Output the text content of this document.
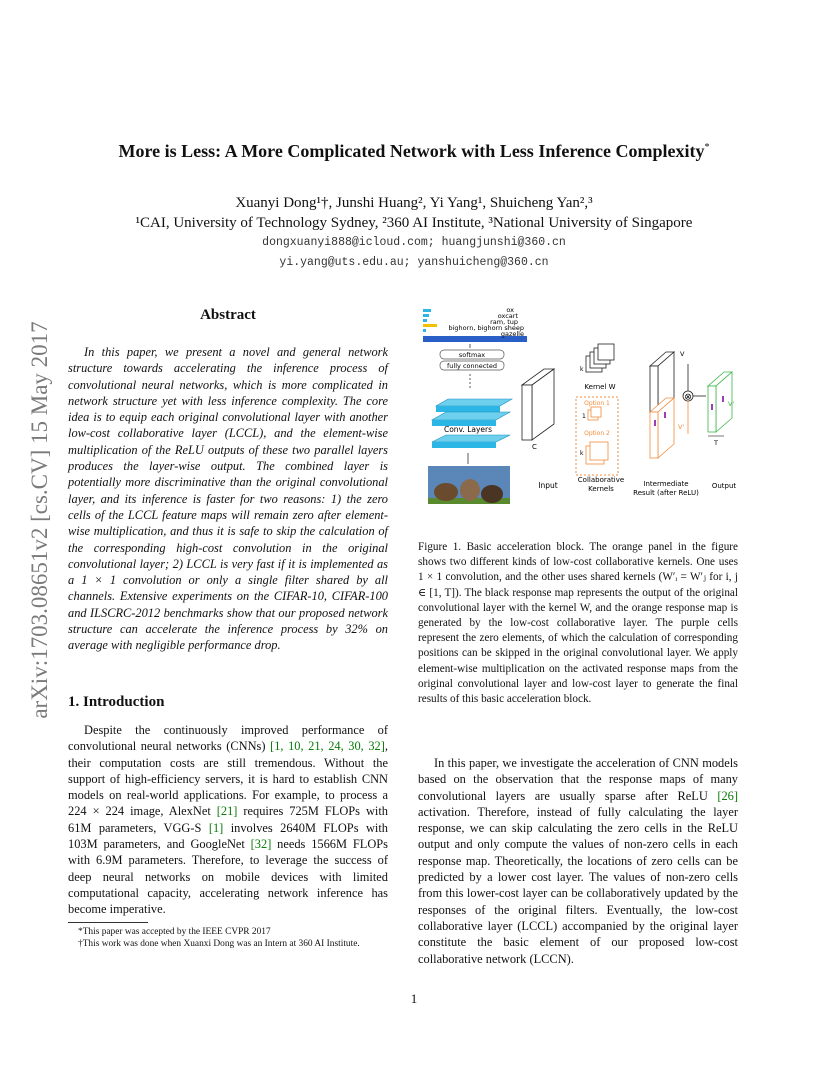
arXiv:1703.08651v2 [cs.CV] 15 May 2017
More is Less: A More Complicated Network with Less Inference Complexity*
Xuanyi Dong¹†, Junshi Huang², Yi Yang¹, Shuicheng Yan²,³
¹CAI, University of Technology Sydney, ²360 AI Institute, ³National University of Singapore
dongxuanyi888@icloud.com; huangjunshi@360.cn
yi.yang@uts.edu.au; yanshuicheng@360.cn
Abstract

In this paper, we present a novel and general network structure towards accelerating the inference process of convolutional neural networks, which is more complicated in network structure yet with less inference complexity. The core idea is to equip each original convolutional layer with another low-cost collaborative layer (LCCL), and the element-wise multiplication of the ReLU outputs of these two parallel layers produces the layer-wise output. The combined layer is potentially more discriminative than the original convolutional layer, and its inference is faster for two reasons: 1) the zero cells of the LCCL feature maps will remain zero after element-wise multiplication, and thus it is safe to skip the calculation of the corresponding high-cost convolution in the original convolutional layer; 2) LCCL is very fast if it is implemented as a 1 × 1 convolution or only a single filter shared by all channels. Extensive experiments on the CIFAR-10, CIFAR-100 and ILSCRC-2012 benchmarks show that our proposed network structure can accelerate the inference process by 32% on average with negligible performance drop.

1. Introduction

Despite the continuously improved performance of convolutional neural networks (CNNs) [1, 10, 21, 24, 30, 32], their computation costs are still tremendous. Without the support of high-efficiency servers, it is hard to establish CNN models on real-world applications. For example, to process a 224 × 224 image, AlexNet [21] requires 725M FLOPs with 61M parameters, VGG-S [1] involves 2640M FLOPs with 103M parameters, and GoogleNet [32] needs 1566M FLOPs with 6.9M parameters. Therefore, to leverage the success of deep neural networks on mobile devices with limited computational capacity, accelerating network inference has become imperative.

*This paper was accepted by the IEEE CVPR 2017

†This work was done when Xuanxi Dong was an Intern at 360 AI Institute.

ox
oxcart
ram, tup
bighorn, bighorn sheep
gazelle
softmax
fully connected
Conv. Layers
C
Input
k
Kernel W
Option 1
1
Option 2
k
Collaborative
Kernels
V
V'
Intermediate
Result (after ReLU)
⊗
V'
T
Output

Figure 1. Basic acceleration block. The orange panel in the figure shows two different kinds of low-cost collaborative kernels. One uses 1 × 1 convolution, and the other uses shared kernels (W′ᵢ = W′ⱼ for i, j ∈ [1, T]). The black response map represents the output of the original convolutional layer with the kernel W, and the orange response map is generated by the low-cost collaborative layer. The purple cells represent the zero elements, of which the calculation of corresponding positions can be skipped in the original convolutional layer. We apply element-wise multiplication on the activated response maps from the original convolutional layer and low-cost layer to generate the final results of this basic acceleration block.

In this paper, we investigate the acceleration of CNN models based on the observation that the response maps of many convolutional layers are usually sparse after ReLU [26] activation. Therefore, instead of fully calculating the layer response, we can skip calculating the zero cells in the ReLU output and only compute the values of non-zero cells in each response map. Theoretically, the locations of zero cells can be predicted by a lower cost layer. The values of non-zero cells from this lower-cost layer can be collaboratively updated by the responses of the original filters. Eventually, the low-cost collaborative layer (LCCL) accompanied by the original layer constitute the basic element of our proposed low-cost collaborative network (LCCN).

1
